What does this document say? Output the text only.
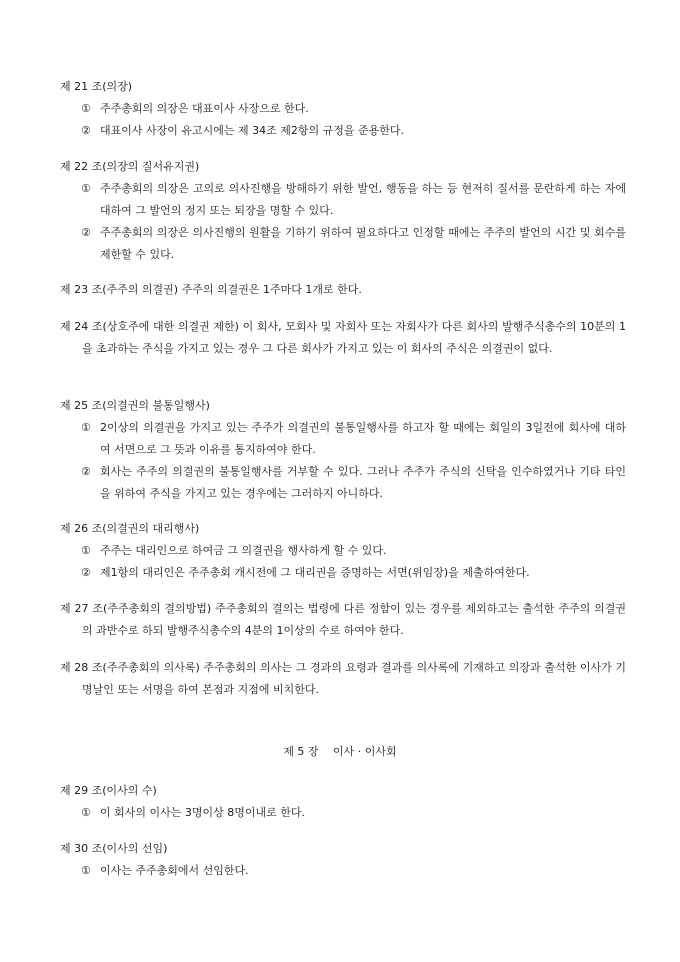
제 21 조(의장)
① 주주총회의 의장은 대표이사 사장으로 한다.
② 대표이사 사장이 유고시에는 제 34조 제2항의 규정을 준용한다.
제 22 조(의장의 질서유지권)
① 주주총회의 의장은 고의로 의사진행을 방해하기 위한 발언, 행동을 하는 등 현저히 질서를 문란하게 하는 자에 대하여 그 발언의 정지 또는 퇴장을 명할 수 있다.
② 주주총회의 의장은 의사진행의 원활을 기하기 위하여 필요하다고 인정할 때에는 주주의 발언의 시간 및 회수를 제한할 수 있다.
제 23 조(주주의 의결권) 주주의 의결권은 1주마다 1개로 한다.
제 24 조(상호주에 대한 의결권 제한) 이 회사, 모회사 및 자회사 또는 자회사가 다른 회사의 발행주식총수의 10분의 1을 초과하는 주식을 가지고 있는 경우 그 다른 회사가 가지고 있는 이 회사의 주식은 의결권이 없다.
제 25 조(의결권의 불통일행사)
① 2이상의 의결권을 가지고 있는 주주가 의결권의 불통일행사를 하고자 할 때에는 회일의 3일전에 회사에 대하여 서면으로 그 뜻과 이유를 통지하여야 한다.
② 회사는 주주의 의결권의 불통일행사를 거부할 수 있다. 그러나 주주가 주식의 신탁을 인수하였거나 기타 타인을 위하여 주식을 가지고 있는 경우에는 그러하지 아니하다.
제 26 조(의결권의 대리행사)
① 주주는 대리인으로 하여금 그 의결권을 행사하게 할 수 있다.
② 제1항의 대리인은 주주총회 개시전에 그 대리권을 증명하는 서면(위임장)을 제출하여한다.
제 27 조(주주총회의 결의방법) 주주총회의 결의는 법령에 다른 정함이 있는 경우를 제외하고는 출석한 주주의 의결권의 과반수로 하되 발행주식총수의 4분의 1이상의 수로 하여야 한다.
제 28 조(주주총회의 의사록) 주주총회의 의사는 그 경과의 요령과 결과를 의사록에 기재하고 의장과 출석한 이사가 기명날인 또는 서명을 하여 본점과 지점에 비치한다.
제 5 장　 이사 · 이사회
제 29 조(이사의 수)
① 이 회사의 이사는 3명이상 8명이내로 한다.
제 30 조(이사의 선임)
① 이사는 주주총회에서 선임한다.
